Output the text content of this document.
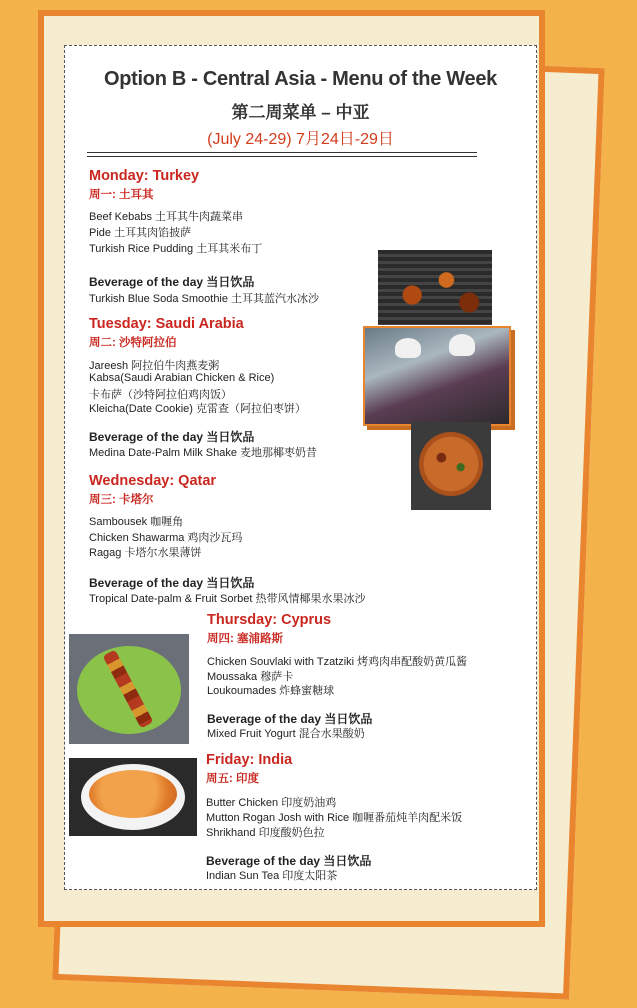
Option B - Central Asia - Menu of the Week
第二周菜单 – 中亚
(July 24-29) 7月24日-29日
Monday: Turkey
周一: 土耳其
Beef Kebabs 土耳其牛肉蔬菜串
Pide 土耳其肉馅披萨
Turkish Rice Pudding 土耳其米布丁
Beverage of the day 当日饮品
Turkish Blue Soda Smoothie 土耳其蓝汽水冰沙
Tuesday: Saudi Arabia
周二: 沙特阿拉伯
Jareesh 阿拉伯牛肉燕麦粥
Kabsa(Saudi Arabian Chicken & Rice)
卡布萨（沙特阿拉伯鸡肉饭）
Kleicha(Date Cookie) 克雷查（阿拉伯枣饼）
Beverage of the day 当日饮品
Medina Date-Palm Milk Shake 麦地那椰枣奶昔
Wednesday: Qatar
周三: 卡塔尔
Sambousek 咖喱角
Chicken Shawarma 鸡肉沙瓦玛
Ragag 卡塔尔水果薄饼
Beverage of the day 当日饮品
Tropical Date-palm & Fruit Sorbet 热带风情椰果水果冰沙
Thursday: Cyprus
周四: 塞浦路斯
Chicken Souvlaki with Tzatziki 烤鸡肉串配酸奶黄瓜酱
Moussaka 穆萨卡
Loukoumades 炸蜂蜜糖球
Beverage of the day 当日饮品
Mixed Fruit Yogurt 混合水果酸奶
Friday: India
周五: 印度
Butter Chicken 印度奶油鸡
Mutton Rogan Josh with Rice 咖喱番茄炖羊肉配米饭
Shrikhand 印度酸奶色拉
Beverage of the day 当日饮品
Indian Sun Tea 印度太阳茶
